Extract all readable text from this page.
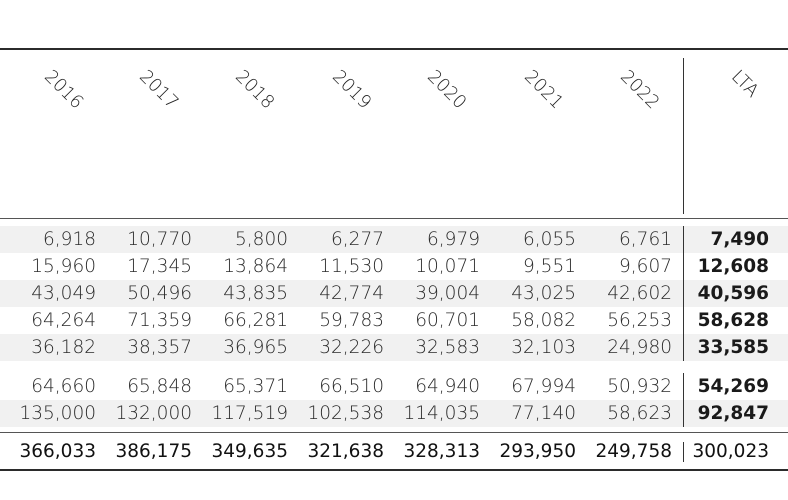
2016	2017	2018	2019	2020	2021	2022	LTA
6,918	10,770	5,800	6,277	6,979	6,055	6,761	7,490
15,960	17,345	13,864	11,530	10,071	9,551	9,607	12,608
43,049	50,496	43,835	42,774	39,004	43,025	42,602	40,596
64,264	71,359	66,281	59,783	60,701	58,082	56,253	58,628
36,182	38,357	36,965	32,226	32,583	32,103	24,980	33,585
64,660	65,848	65,371	66,510	64,940	67,994	50,932	54,269
135,000	132,000	117,519	102,538	114,035	77,140	58,623	92,847
366,033	386,175	349,635	321,638	328,313	293,950	249,758 300,023
